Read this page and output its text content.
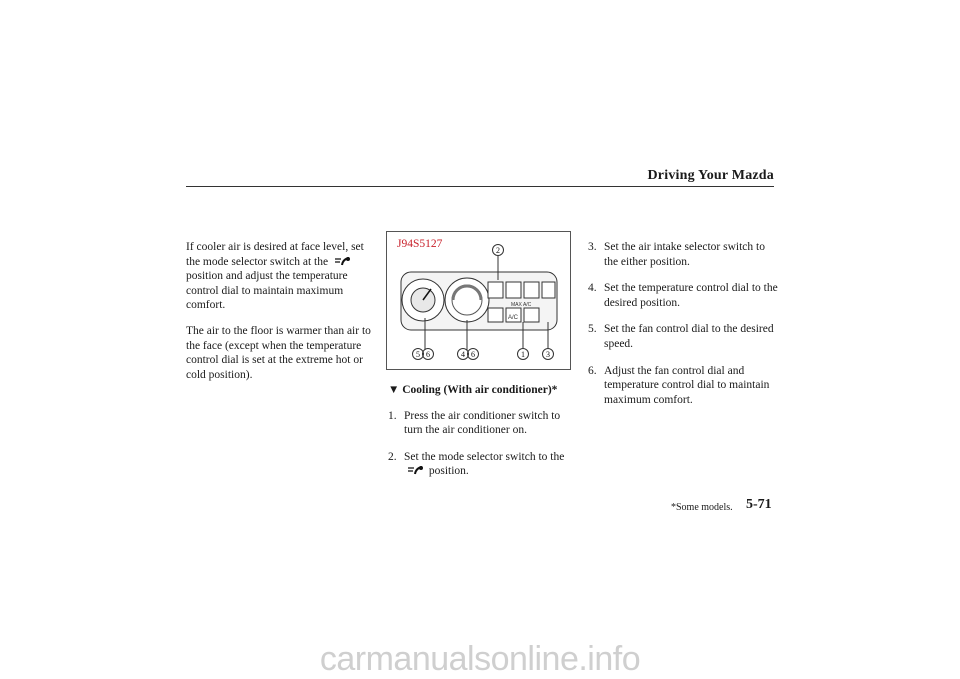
Driving Your Mazda

If cooler air is desired at face level, set the mode selector switch at the  position and adjust the temperature control dial to maintain maximum comfort.

The air to the floor is warmer than air to the face (except when the temperature control dial is set at the extreme hot or cold position).

J94S5127
MAX A/C
A/C
2
5 6	4 6	1	3
▼ Cooling (With air conditioner)*
1. Press the air conditioner switch to turn the air conditioner on.
2. Set the mode selector switch to the
position.
3. Set the air intake selector switch to the either position.
4. Set the temperature control dial to the desired position.
5. Set the fan control dial to the desired speed.
6. Adjust the fan control dial and temperature control dial to maintain maximum comfort.
*Some models. 5-71
carmanualsonline.info
